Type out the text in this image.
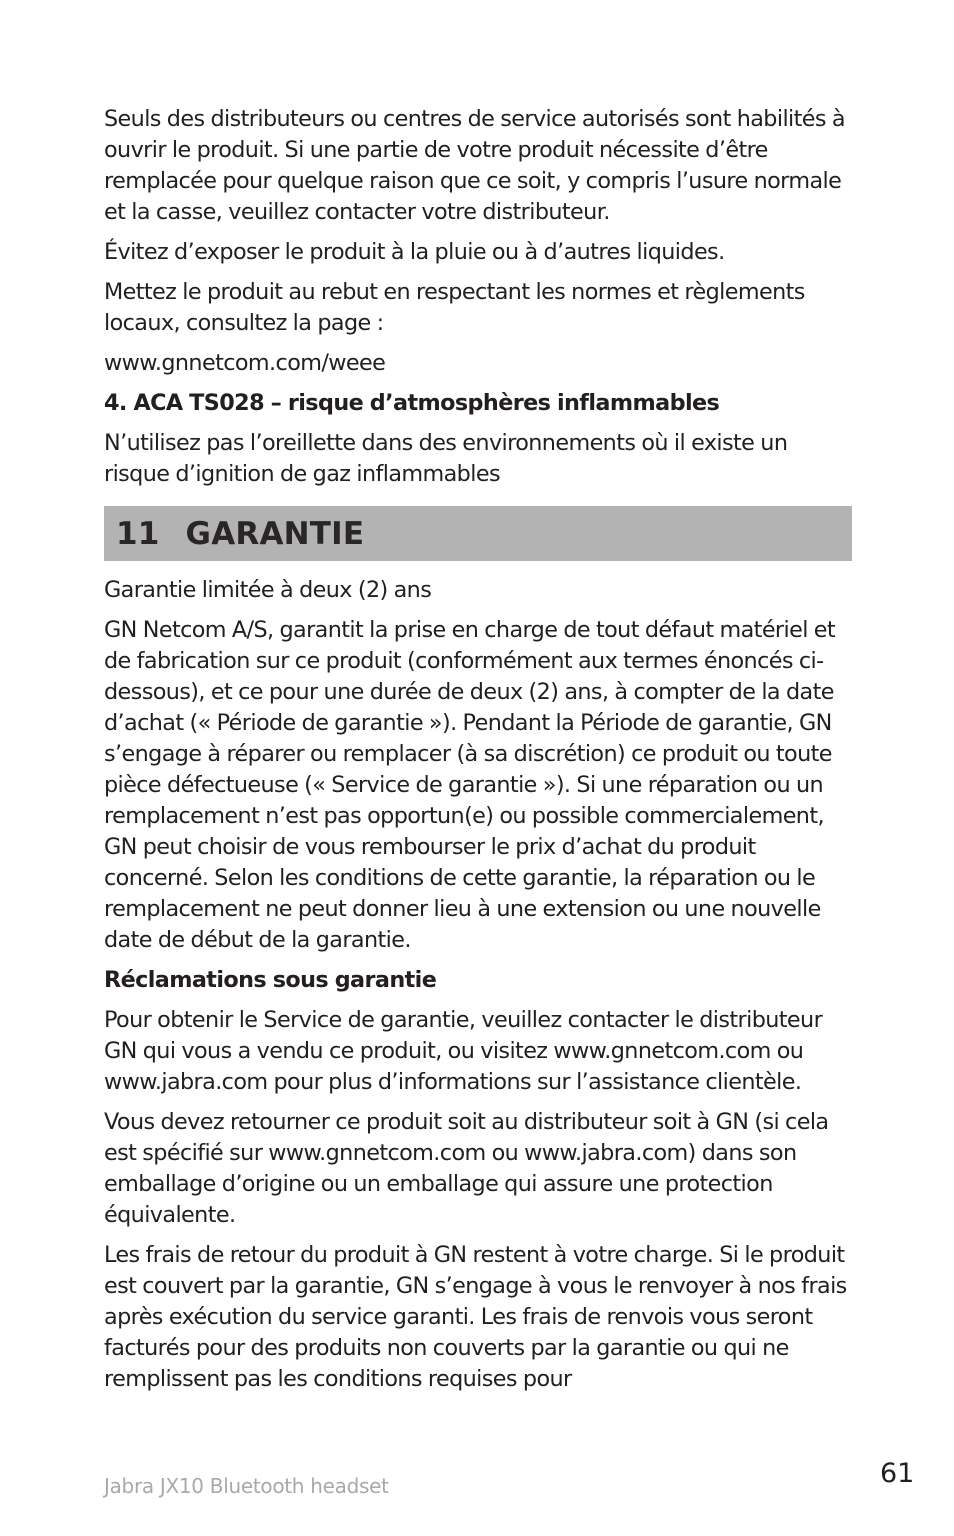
Seuls des distributeurs ou centres de service autorisés sont habilités à ouvrir le produit. Si une partie de votre produit nécessite d’être remplacée pour quelque raison que ce soit, y compris l’usure normale et la casse, veuillez contacter votre distributeur.

Évitez d’exposer le produit à la pluie ou à d’autres liquides.

Mettez le produit au rebut en respectant les normes et règlements locaux, consultez la page :

www.gnnetcom.com/weee

4. ACA TS028 – risque d’atmosphères inflammables

N’utilisez pas l’oreillette dans des environnements où il existe un risque d’ignition de gaz inflammables

11 GARANTIE

Garantie limitée à deux (2) ans

GN Netcom A/S, garantit la prise en charge de tout défaut matériel et de fabrication sur ce produit (conformément aux termes énoncés ci-dessous), et ce pour une durée de deux (2) ans, à compter de la date d’achat (« Période de garantie »). Pendant la Période de garantie, GN s’engage à réparer ou remplacer (à sa discrétion) ce produit ou toute pièce défectueuse (« Service de garantie »). Si une réparation ou un remplacement n’est pas opportun(e) ou possible commercialement, GN peut choisir de vous rembourser le prix d’achat du produit concerné. Selon les conditions de cette garantie, la réparation ou le remplacement ne peut donner lieu à une extension ou une nouvelle date de début de la garantie.

Réclamations sous garantie

Pour obtenir le Service de garantie, veuillez contacter le distributeur GN qui vous a vendu ce produit, ou visitez www.gnnetcom.com ou www.jabra.com pour plus d’informations sur l’assistance clientèle.

Vous devez retourner ce produit soit au distributeur soit à GN (si cela est spécifié sur www.gnnetcom.com ou www.jabra.com) dans son emballage d’origine ou un emballage qui assure une protection équivalente.

Les frais de retour du produit à GN restent à votre charge. Si le produit est couvert par la garantie, GN s’engage à vous le renvoyer à nos frais après exécution du service garanti. Les frais de renvois vous seront facturés pour des produits non couverts par la garantie ou qui ne remplissent pas les conditions requises pour

Jabra JX10 Bluetooth headset	61
